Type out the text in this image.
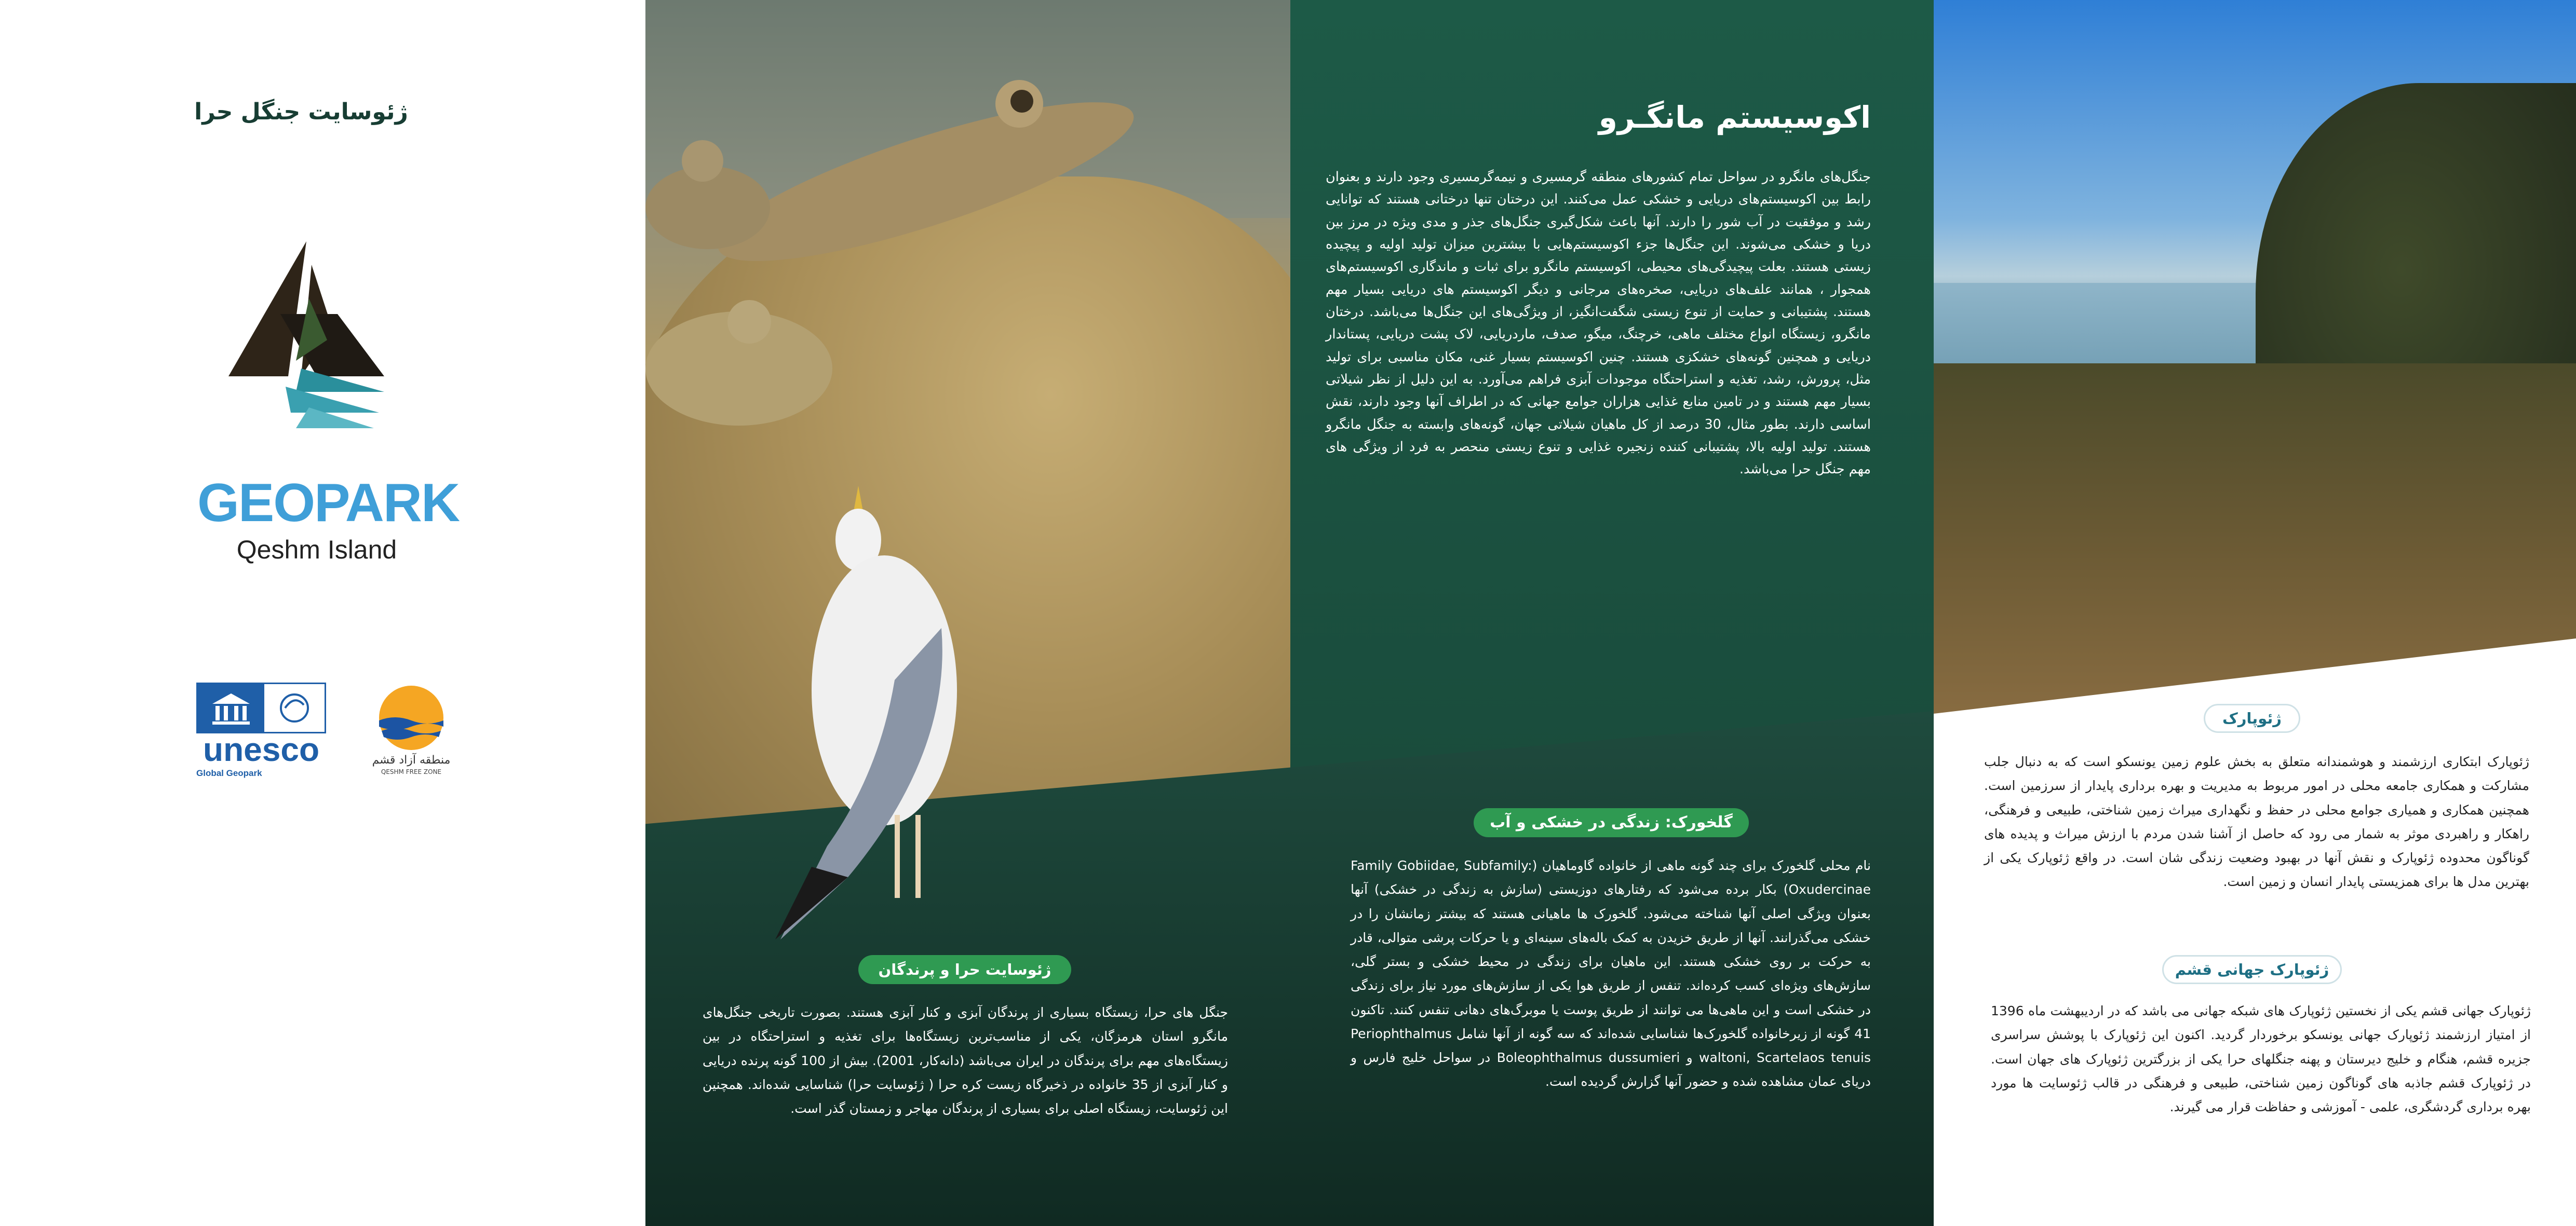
ژئوسایت جنگل حرا
GEOPARK
Qeshm Island
unesco
Global Geopark
منطقه آزاد قشم
QESHM FREE ZONE
اکوسیستم مانگـرو
جنگل‌های مانگرو در سواحل تمام کشورهای منطقه گرمسیری و نیمه‌گرمسیری وجود دارند و بعنوان رابط بین اکوسیستم‌های دریایی و خشکی عمل می‌کنند. این درختان تنها درختانی هستند که توانایی رشد و موفقیت در آب شور را دارند. آنها باعث شکل‌گیری جنگل‌های جذر و مدی ویژه در مرز بین دریا و خشکی می‌شوند. این جنگل‌ها جزء اکوسیستم‌هایی با بیشترین میزان تولید اولیه و پیچیده زیستی هستند. بعلت پیچیدگی‌های محیطی، اکوسیستم مانگرو برای ثبات و ماندگاری اکوسیستم‌های همجوار ، همانند علف‌های دریایی، صخره‌های مرجانی و دیگر اکوسیستم های دریایی بسیار مهم هستند. پشتیبانی و حمایت از تنوع زیستی شگفت‌انگیز، از ویژگی‌های این جنگل‌ها می‌باشد. درختان مانگرو، زیستگاه انواع مختلف ماهی، خرچنگ، میگو، صدف، ماردریایی، لاک پشت دریایی، پستاندار دریایی و همچنین گونه‌های خشکزی هستند. چنین اکوسیستم بسیار غنی، مکان مناسبی برای تولید مثل، پرورش، رشد، تغذیه و استراحتگاه موجودات آبزی فراهم می‌آورد. به این دلیل از نظر شیلاتی بسیار مهم هستند و در تامین منابع غذایی هزاران جوامع جهانی که در اطراف آنها وجود دارند، نقش اساسی دارند. بطور مثال، 30 درصد از کل ماهیان شیلاتی جهان، گونه‌های وابسته به جنگل مانگرو هستند. تولید اولیه بالا، پشتیبانی کننده زنجیره غذایی و تنوع زیستی منحصر به فرد از ویژگی های مهم جنگل حرا می‌باشد.
گلخورک: زندگی در خشکی و آب
نام محلی گلخورک برای چند گونه ماهی از خانواده گاوماهیان (Family Gobiidae, Subfamily: Oxudercinae) بکار برده می‌شود که رفتارهای دوزیستی (سازش به زندگی در خشکی) آنها بعنوان ویژگی اصلی آنها شناخته می‌شود. گلخورک ها ماهیانی هستند که بیشتر زمانشان را در خشکی می‌گذرانند. آنها از طریق خزیدن به کمک باله‌های سینه‌ای و یا حرکات پرشی متوالی، قادر به حرکت بر روی خشکی هستند. این ماهیان برای زندگی در محیط خشکی و بستر گلی، سازش‌های ویژه‌ای کسب کرده‌اند. تنفس از طریق هوا یکی از سازش‌های مورد نیاز برای زندگی در خشکی است و این ماهی‌ها می توانند از طریق پوست یا موبرگ‌های دهانی تنفس کنند. تاکنون 41 گونه از زیرخانواده گلخورک‌ها شناسایی شده‌اند که سه گونه از آنها شامل Periophthalmus waltoni, Scartelaos tenuis و Boleophthalmus dussumieri در سواحل خلیج فارس و دریای عمان مشاهده شده و حضور آنها گزارش گردیده است.
ژئوسایت حرا و پرندگان
جنگل های حرا، زیستگاه بسیاری از پرندگان آبزی و کنار آبزی هستند. بصورت تاریخی جنگل‌های مانگرو استان هرمزگان، یکی از مناسب‌ترین زیستگاه‌ها برای تغذیه و استراحتگاه در بین زیستگاه‌های مهم برای پرندگان در ایران می‌باشد (دانه‌کار، 2001). بیش از 100 گونه پرنده دریایی و کنار آبزی از 35 خانواده در ذخیرگاه زیست کره حرا ( ژئوسایت حرا) شناسایی شده‌اند. همچنین این ژئوسایت، زیستگاه اصلی برای بسیاری از پرندگان مهاجر و زمستان گذر است.
QESHMGEOPARK.IR
ژئوپارک
ژئوپارک ابتکاری ارزشمند و هوشمندانه متعلق به بخش علوم زمین یونسکو است که به دنبال جلب مشارکت و همکاری جامعه محلی در امور مربوط به مدیریت و بهره برداری پایدار از سرزمین است. همچنین همکاری و همیاری جوامع محلی در حفظ و نگهداری میراث زمین شناختی، طبیعی و فرهنگی، راهکار و راهبردی موثر به شمار می رود که حاصل از آشنا شدن مردم با ارزش میراث و پدیده های گوناگون محدوده ژئوپارک و نقش آنها در بهبود وضعیت زندگی شان است. در واقع ژئوپارک یکی از بهترین مدل ها برای همزیستی پایدار انسان و زمین است.
ژئوپارک جهانی قشم
ژئوپارک جهانی قشم یکی از نخستین ژئوپارک های شبکه جهانی می باشد که در اردیبهشت ماه 1396 از امتیاز ارزشمند ژئوپارک جهانی یونسکو برخوردار گردید. اکنون این ژئوپارک با پوشش سراسری جزیره قشم، هنگام و خلیج دیرستان و پهنه جنگلهای حرا یکی از بزرگترین ژئوپارک های جهان است. در ژئوپارک قشم جاذبه های گوناگون زمین شناختی، طبیعی و فرهنگی در قالب ژئوسایت ها مورد بهره برداری گردشگری، علمی - آموزشی و حفاظت قرار می گیرند.
